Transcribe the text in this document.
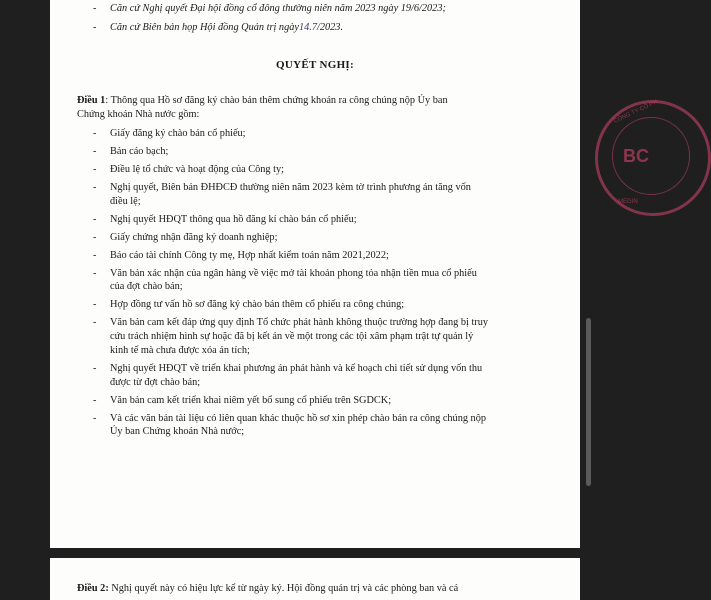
- Căn cứ Nghị quyết Đại hội đồng cổ đông thường niên năm 2023 ngày 19/6/2023;
- Căn cứ Biên bản họp Hội đồng Quản trị ngày14.7/2023.
QUYẾT NGHỊ:
Điều 1: Thông qua Hồ sơ đăng ký chào bán thêm chứng khoán ra công chúng nộp Ủy ban
Chứng khoán Nhà nước gồm:
- Giấy đăng ký chào bán cổ phiếu;
- Bản cáo bạch;
- Điều lệ tổ chức và hoạt động của Công ty;
- Nghị quyết, Biên bản ĐHĐCĐ thường niên năm 2023 kèm tờ trình phương án tăng vốn
điều lệ;
- Nghị quyết HĐQT thông qua hồ đăng kí chào bán cổ phiếu;
- Giấy chứng nhận đăng ký doanh nghiệp;
- Báo cáo tài chính Công ty mẹ, Hợp nhất kiểm toán năm 2021,2022;
- Văn bản xác nhận của ngân hàng về việc mở tài khoản phong tỏa nhận tiền mua cổ phiếu
của đợt chào bán;
- Hợp đồng tư vấn hồ sơ đăng ký chào bán thêm cổ phiếu ra công chúng;
- Văn bản cam kết đáp ứng quy định Tổ chức phát hành không thuộc trường hợp đang bị truy
cứu trách nhiệm hình sự hoặc đã bị kết án về một trong các tội xâm phạm trật tự quản lý
kinh tế mà chưa được xóa án tích;
- Nghị quyết HĐQT về triển khai phương án phát hành và kế hoạch chi tiết sử dụng vốn thu
được từ đợt chào bán;
- Văn bản cam kết triển khai niêm yết bổ sung cổ phiếu trên SGDCK;
- Và các văn bản tài liệu có liên quan khác thuộc hồ sơ xin phép chào bán ra công chúng nộp
Ủy ban Chứng khoán Nhà nước;
BC
CÔNG TY CỔ PH
MEGIN
Điều 2: Nghị quyết này có hiệu lực kể từ ngày ký. Hội đồng quản trị và các phòng ban và cá
